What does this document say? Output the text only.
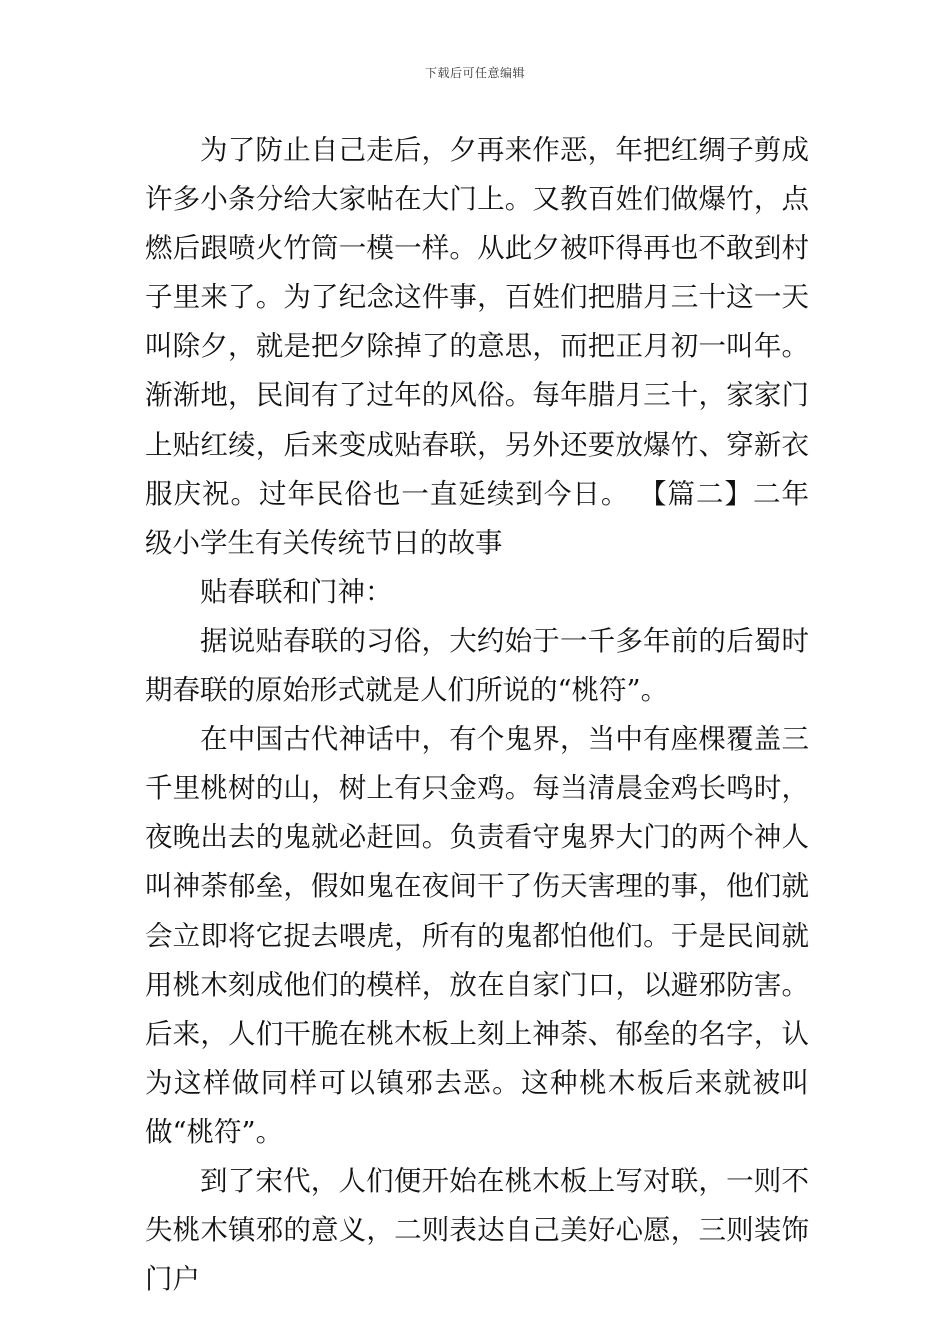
下载后可任意编辑

为了防止自己走后，夕再来作恶，年把红绸子剪成许多小条分给大家帖在大门上。又教百姓们做爆竹，点燃后跟喷火竹筒一模一样。从此夕被吓得再也不敢到村子里来了。为了纪念这件事，百姓们把腊月三十这一天叫除夕，就是把夕除掉了的意思，而把正月初一叫年。渐渐地，民间有了过年的风俗。每年腊月三十，家家门上贴红绫，后来变成贴春联，另外还要放爆竹、穿新衣服庆祝。过年民俗也一直延续到今日。 【篇二】二年级小学生有关传统节日的故事

贴春联和门神：

据说贴春联的习俗，大约始于一千多年前的后蜀时期春联的原始形式就是人们所说的“桃符”。

在中国古代神话中，有个鬼界，当中有座棵覆盖三千里桃树的山，树上有只金鸡。每当清晨金鸡长鸣时，夜晚出去的鬼就必赶回。负责看守鬼界大门的两个神人叫神荼郁垒，假如鬼在夜间干了伤天害理的事，他们就会立即将它捉去喂虎，所有的鬼都怕他们。于是民间就用桃木刻成他们的模样，放在自家门口，以避邪防害。后来，人们干脆在桃木板上刻上神荼、郁垒的名字，认为这样做同样可以镇邪去恶。这种桃木板后来就被叫做“桃符”。

到了宋代，人们便开始在桃木板上写对联，一则不失桃木镇邪的意义，二则表达自己美好心愿，三则装饰门户
